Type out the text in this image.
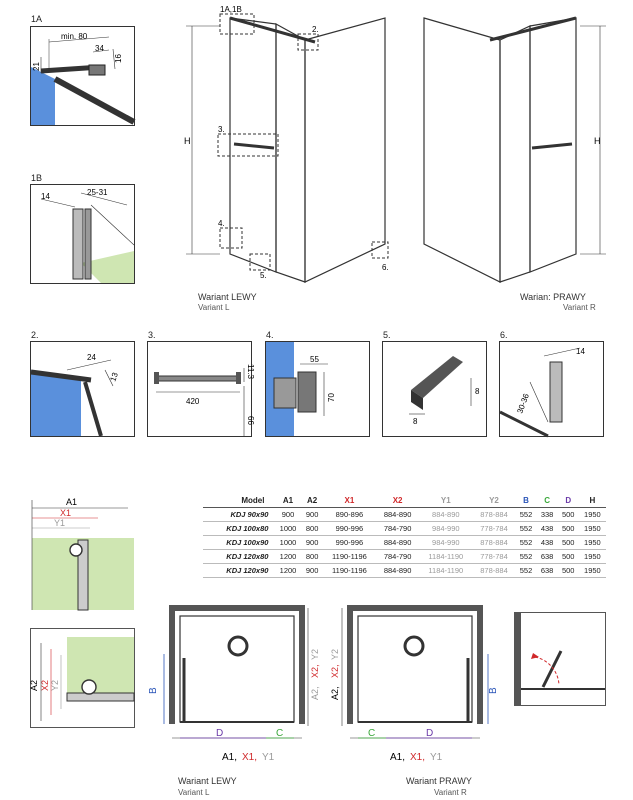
1A
min. 80
34
16
21
1B
14	25-31
H
1A,1B
2.
3.
4.
5.
6.
H
Wariant LEWY
Variant L
Warian: PRAWY
Variant R
2.
24
13
3.
420
11.3
66
4.
55
70
5.
8
8
6.
14
30-36
A1
X1
Y1
A2 X2 Y2
Model	A1	A2	X1	X2	Y1	Y2	B	C	D	H
KDJ 90x90	900	900	890-896	884-890	884-890	878-884	552	338	500	1950
KDJ 100x80	1000	800	990-996	784-790	984-990	778-784	552	438	500	1950
KDJ 100x90	1000	900	990-996	884-890	984-990	878-884	552	438	500	1950
KDJ 120x80	1200	800	1190-1196	784-790	1184-1190	778-784	552	638	500	1950
KDJ 120x90	1200	900	1190-1196	884-890	1184-1190	878-884	552	638	500	1950
B
D	C
A2,
X2,
Y2
A1, X1, Y1
B
C	D
A2,
X2,
Y2
A1, X1, Y1
Wariant LEWY
Variant L
Wariant PRAWY
Variant R
